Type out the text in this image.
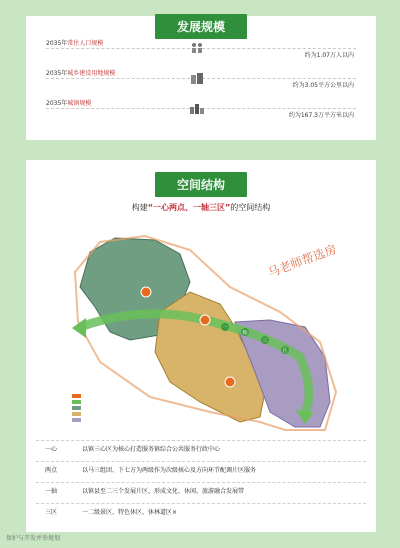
发展规模
2035年常住人口规模
约为1.07万人以内
2035年城乡建设用地规模
约为3.05平方公里以内
2035年城镇规模
约为167.3万平方米以内
空间结构
构建“一心两点、一轴三区”的空间结构
一
轴
三
区
马老师帮选房
一心	以镇三心区为核心打造服务镇综合公共服务行政中心
两点	以马三组团、下七方为两级作为次级核心及方向环节配调片区服务
一轴	以镇县至二三个发展片区，形成文化、休闲、旅游融合发展带
三区	一二级景区、特色休区、休林道区×
保护与开发并举规划
